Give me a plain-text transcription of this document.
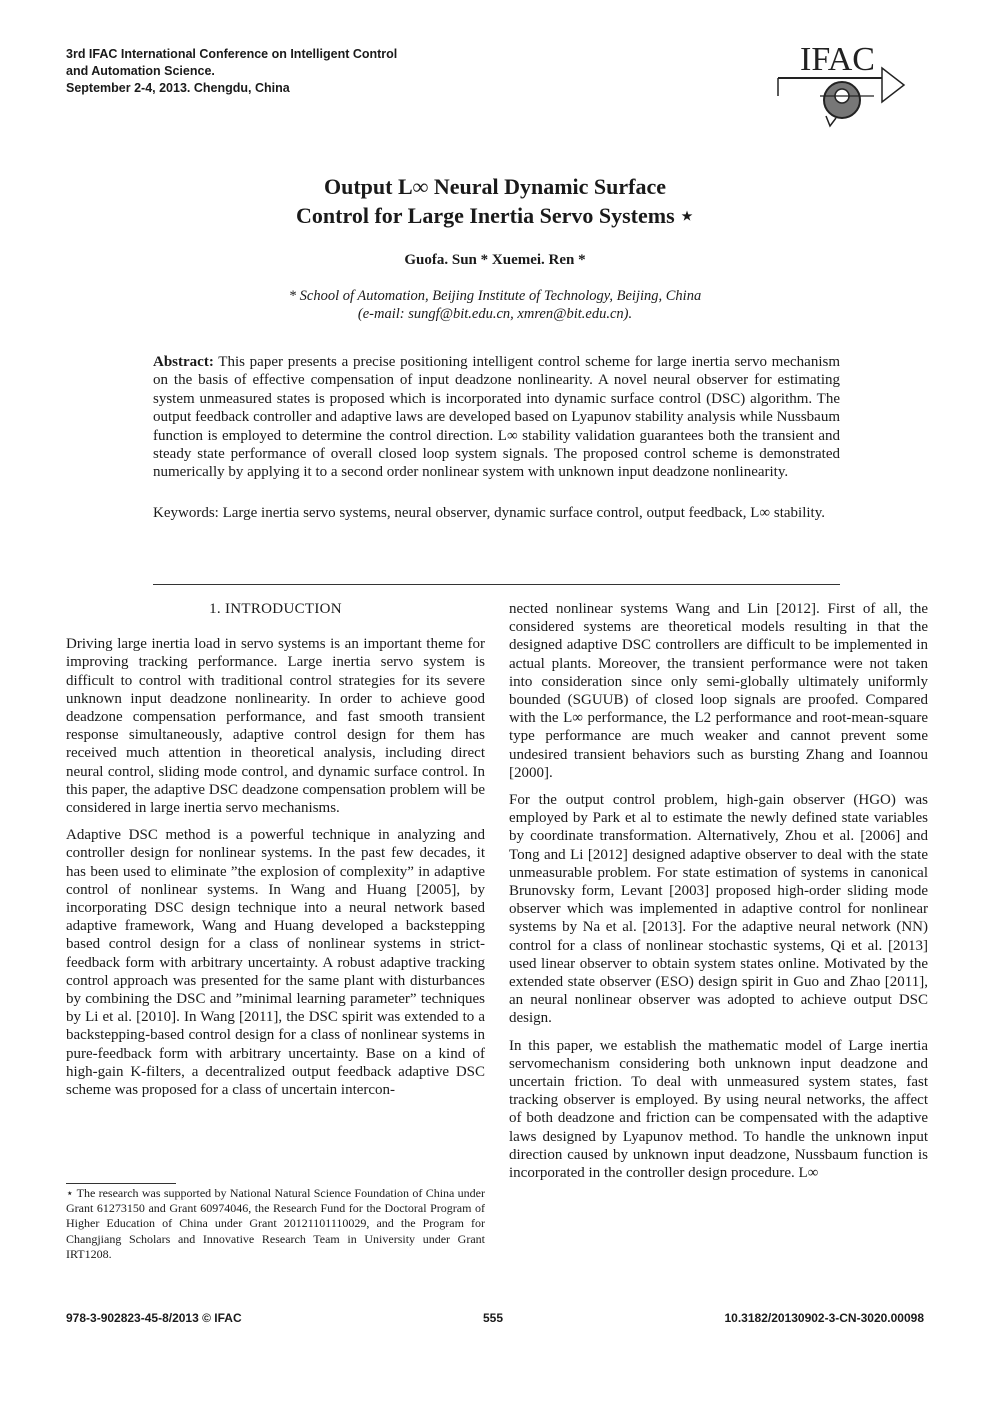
3rd IFAC International Conference on Intelligent Control
and Automation Science.
September 2-4, 2013. Chengdu, China
IFAC
Output L∞ Neural Dynamic Surface
Control for Large Inertia Servo Systems ⋆
Guofa. Sun * Xuemei. Ren *
* School of Automation, Beijing Institute of Technology, Beijing, China
(e-mail: sungf@bit.edu.cn, xmren@bit.edu.cn).
Abstract: This paper presents a precise positioning intelligent control scheme for large inertia servo mechanism on the basis of effective compensation of input deadzone nonlinearity. A novel neural observer for estimating system unmeasured states is proposed which is incorporated into dynamic surface control (DSC) algorithm. The output feedback controller and adaptive laws are developed based on Lyapunov stability analysis while Nussbaum function is employed to determine the control direction. L∞ stability validation guarantees both the transient and steady state performance of overall closed loop system signals. The proposed control scheme is demonstrated numerically by applying it to a second order nonlinear system with unknown input deadzone nonlinearity.
Keywords: Large inertia servo systems, neural observer, dynamic surface control, output feedback, L∞ stability.
1. INTRODUCTION

Driving large inertia load in servo systems is an important theme for improving tracking performance. Large inertia servo system is difficult to control with traditional control strategies for its severe unknown input deadzone nonlinearity. In order to achieve good deadzone compensation performance, and fast smooth transient response simultaneously, adaptive control design for them has received much attention in theoretical analysis, including direct neural control, sliding mode control, and dynamic surface control. In this paper, the adaptive DSC deadzone compensation problem will be considered in large inertia servo mechanisms.

Adaptive DSC method is a powerful technique in analyzing and controller design for nonlinear systems. In the past few decades, it has been used to eliminate ”the explosion of complexity” in adaptive control of nonlinear systems. In Wang and Huang [2005], by incorporating DSC design technique into a neural network based adaptive framework, Wang and Huang developed a backstepping based control design for a class of nonlinear systems in strict-feedback form with arbitrary uncertainty. A robust adaptive tracking control approach was presented for the same plant with disturbances by combining the DSC and ”minimal learning parameter” techniques by Li et al. [2010]. In Wang [2011], the DSC spirit was extended to a backstepping-based control design for a class of nonlinear systems in pure-feedback form with arbitrary uncertainty. Base on a kind of high-gain K-filters, a decentralized output feedback adaptive DSC scheme was proposed for a class of uncertain intercon-

nected nonlinear systems Wang and Lin [2012]. First of all, the considered systems are theoretical models resulting in that the designed adaptive DSC controllers are difficult to be implemented in actual plants. Moreover, the transient performance were not taken into consideration since only semi-globally ultimately uniformly bounded (SGUUB) of closed loop signals are proofed. Compared with the L∞ performance, the L2 performance and root-mean-square type performance are much weaker and cannot prevent some undesired transient behaviors such as bursting Zhang and Ioannou [2000].

For the output control problem, high-gain observer (HGO) was employed by Park et al to estimate the newly defined state variables by coordinate transformation. Alternatively, Zhou et al. [2006] and Tong and Li [2012] designed adaptive observer to deal with the state unmeasurable problem. For state estimation of systems in canonical Brunovsky form, Levant [2003] proposed high-order sliding mode observer which was implemented in adaptive control for nonlinear systems by Na et al. [2013]. For the adaptive neural network (NN) control for a class of nonlinear stochastic systems, Qi et al. [2013] used linear observer to obtain system states online. Motivated by the extended state observer (ESO) design spirit in Guo and Zhao [2011], an neural nonlinear observer was adopted to achieve output DSC design.

In this paper, we establish the mathematic model of Large inertia servomechanism considering both unknown input deadzone and uncertain friction. To deal with unmeasured system states, fast tracking observer is employed. By using neural networks, the affect of both deadzone and friction can be compensated with the adaptive laws designed by Lyapunov method. To handle the unknown input direction caused by unknown input deadzone, Nussbaum function is incorporated in the controller design procedure. L∞

⋆ The research was supported by National Natural Science Foundation of China under Grant 61273150 and Grant 60974046, the Research Fund for the Doctoral Program of Higher Education of China under Grant 20121101110029, and the Program for Changjiang Scholars and Innovative Research Team in University under Grant IRT1208.
978-3-902823-45-8/2013 © IFAC	555	10.3182/20130902-3-CN-3020.00098
